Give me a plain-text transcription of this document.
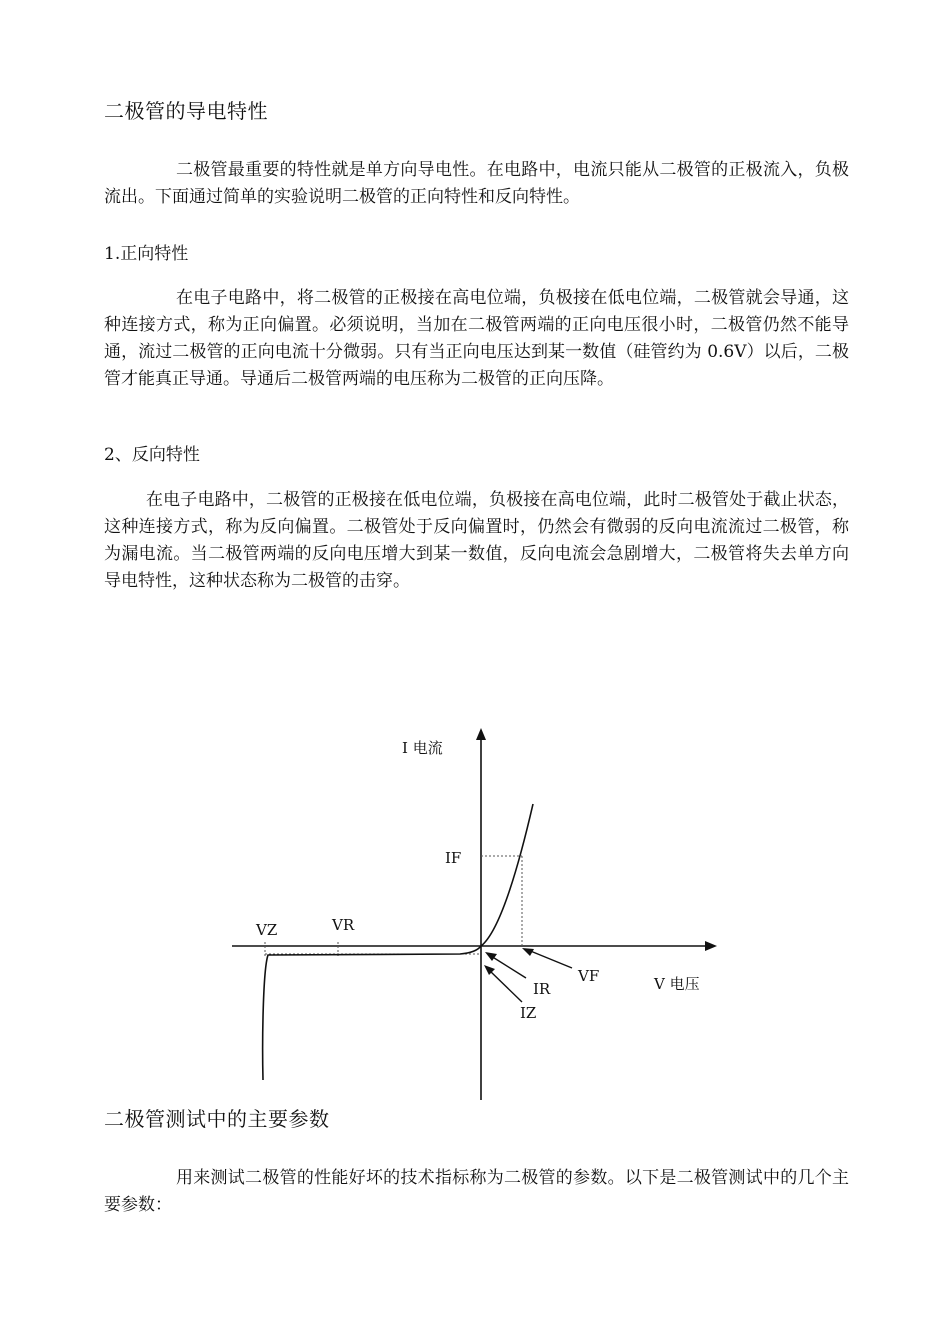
二极管的导电特性

二极管最重要的特性就是单方向导电性。在电路中，电流只能从二极管的正极流入，负极流出。下面通过简单的实验说明二极管的正向特性和反向特性。

1.正向特性

在电子电路中，将二极管的正极接在高电位端，负极接在低电位端，二极管就会导通，这种连接方式，称为正向偏置。必须说明，当加在二极管两端的正向电压很小时，二极管仍然不能导通，流过二极管的正向电流十分微弱。只有当正向电压达到某一数值（硅管约为 0.6V）以后，二极管才能真正导通。导通后二极管两端的电压称为二极管的正向压降。

2、反向特性

在电子电路中，二极管的正极接在低电位端，负极接在高电位端，此时二极管处于截止状态，这种连接方式，称为反向偏置。二极管处于反向偏置时，仍然会有微弱的反向电流流过二极管，称为漏电流。当二极管两端的反向电压增大到某一数值，反向电流会急剧增大，二极管将失去单方向导电特性，这种状态称为二极管的击穿。

I 电流
V 电压
IF
VZ	VR
VF
IR
IZ
二极管测试中的主要参数

用来测试二极管的性能好坏的技术指标称为二极管的参数。以下是二极管测试中的几个主要参数：
